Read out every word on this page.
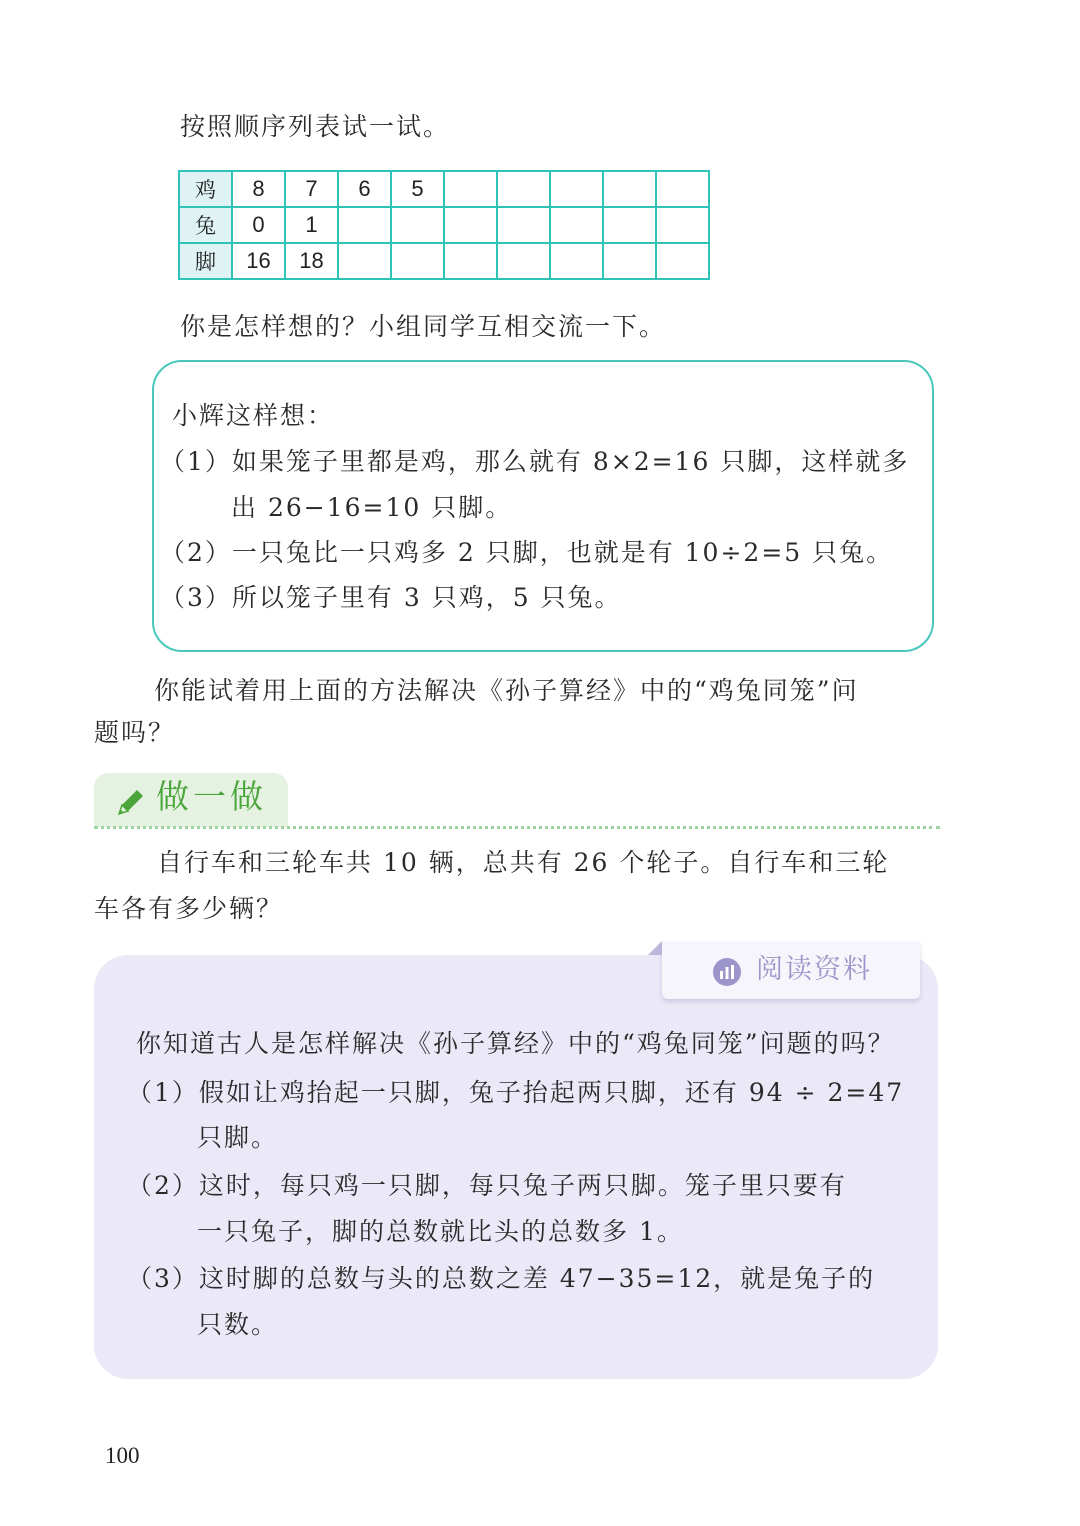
按照顺序列表试一试。
鸡	8	7	6	5					
兔	0	1							
脚	16	18							
你是怎样想的？小组同学互相交流一下。
小辉这样想：
（1）如果笼子里都是鸡，那么就有 8×2=16 只脚，这样就多
出 26−16=10 只脚。
（2）一只兔比一只鸡多 2 只脚，也就是有 10÷2=5 只兔。
（3）所以笼子里有 3 只鸡，5 只兔。
你能试着用上面的方法解决《孙子算经》中的“鸡兔同笼”问
题吗？
做一做
自行车和三轮车共 10 辆，总共有 26 个轮子。自行车和三轮
车各有多少辆？
阅读资料
你知道古人是怎样解决《孙子算经》中的“鸡兔同笼”问题的吗？
（1）假如让鸡抬起一只脚，兔子抬起两只脚，还有 94 ÷ 2=47
只脚。
（2）这时，每只鸡一只脚，每只兔子两只脚。笼子里只要有
一只兔子，脚的总数就比头的总数多 1。
（3）这时脚的总数与头的总数之差 47−35=12，就是兔子的
只数。
100
